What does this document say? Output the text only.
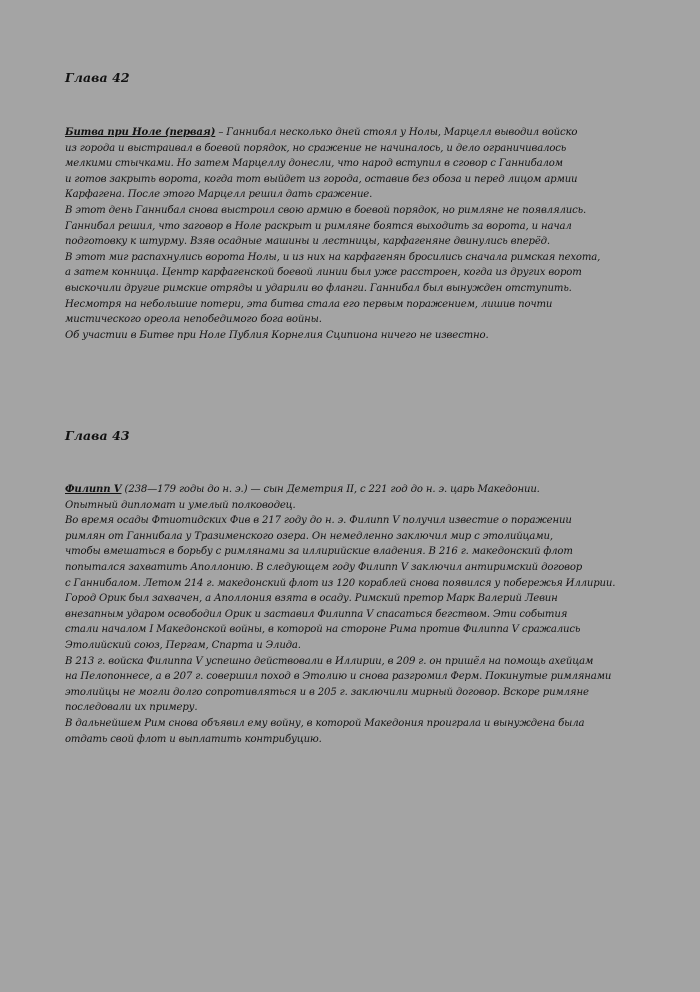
Глава 42
Битва при Ноле (первая) – Ганнибал несколько дней стоял у Нолы, Марцелл выводил войско
из города и выстраивал в боевой порядок, но сражение не начиналось, и дело ограничивалось
мелкими стычками. Но затем Марцеллу донесли, что народ вступил в сговор с Ганнибалом
и готов закрыть ворота, когда тот выйдет из города, оставив без обоза и перед лицом армии
Карфагена. После этого Марцелл решил дать сражение.
В этот день Ганнибал снова выстроил свою армию в боевой порядок, но римляне не появлялись.
Ганнибал решил, что заговор в Ноле раскрыт и римляне боятся выходить за ворота, и начал
подготовку к штурму. Взяв осадные машины и лестницы, карфагеняне двинулись вперёд.
В этот миг распахнулись ворота Нолы, и из них на карфагенян бросились сначала римская пехота,
а затем конница. Центр карфагенской боевой линии был уже расстроен, когда из других ворот
выскочили другие римские отряды и ударили во фланги. Ганнибал был вынужден отступить.
Несмотря на небольшие потери, эта битва стала его первым поражением, лишив почти
мистического ореола непобедимого бога войны.
Об участии в Битве при Ноле Публия Корнелия Сципиона ничего не известно.
Глава 43
Филипп V (238—179 годы до н. э.) — сын Деметрия II, с 221 год до н. э. царь Македонии.
Опытный дипломат и умелый полководец.
Во время осады Фтиотидских Фив в 217 году до н. э. Филипп V получил известие о поражении
римлян от Ганнибала у Тразименского озера. Он немедленно заключил мир с этолийцами,
чтобы вмешаться в борьбу с римлянами за иллирийские владения. В 216 г. македонский флот
попытался захватить Аполлонию. В следующем году Филипп V заключил антиримский договор
с Ганнибалом. Летом 214 г. македонский флот из 120 кораблей снова появился у побережья Иллирии.
Город Орик был захвачен, а Аполлония взята в осаду. Римский претор Марк Валерий Левин
внезапным ударом освободил Орик и заставил Филиппа V спасаться бегством. Эти события
стали началом I Македонской войны, в которой на стороне Рима против Филиппа V сражались
Этолийский союз, Пергам, Спарта и Элида.
В 213 г. войска Филиппа V успешно действовали в Иллирии, в 209 г. он пришёл на помощь ахейцам
на Пелопоннесе, а в 207 г. совершил поход в Этолию и снова разгромил Ферм. Покинутые римлянами
этолийцы не могли долго сопротивляться и в 205 г. заключили мирный договор. Вскоре римляне
последовали их примеру.
В дальнейшем Рим снова объявил ему войну, в которой Македония проиграла и вынуждена была
отдать свой флот и выплатить контрибуцию.
